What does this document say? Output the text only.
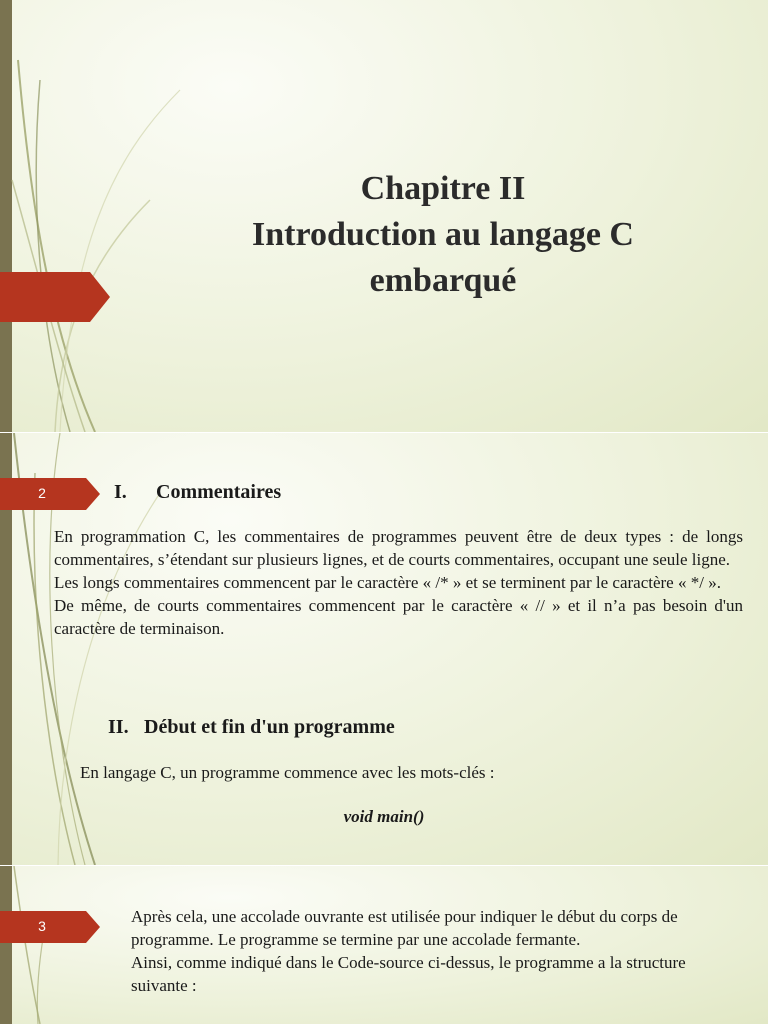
Chapitre II
Introduction au langage C
embarqué
2	I. Commentaires

En programmation C, les commentaires de programmes peuvent être de deux types : de longs commentaires, s’étendant sur plusieurs lignes, et de courts commentaires, occupant une seule ligne.

Les longs commentaires commencent par le caractère « /* » et se terminent par le caractère « */ ».

De même, de courts commentaires commencent par le caractère « // » et il n’a pas besoin d'un caractère de terminaison.

II. Début et fin d'un programme
En langage C, un programme commence avec les mots-clés :
void main()
3	Après cela, une accolade ouvrante est utilisée pour indiquer le début du corps de programme. Le programme se termine par une accolade fermante.

Ainsi, comme indiqué dans le Code-source ci-dessus, le programme a la structure suivante :
